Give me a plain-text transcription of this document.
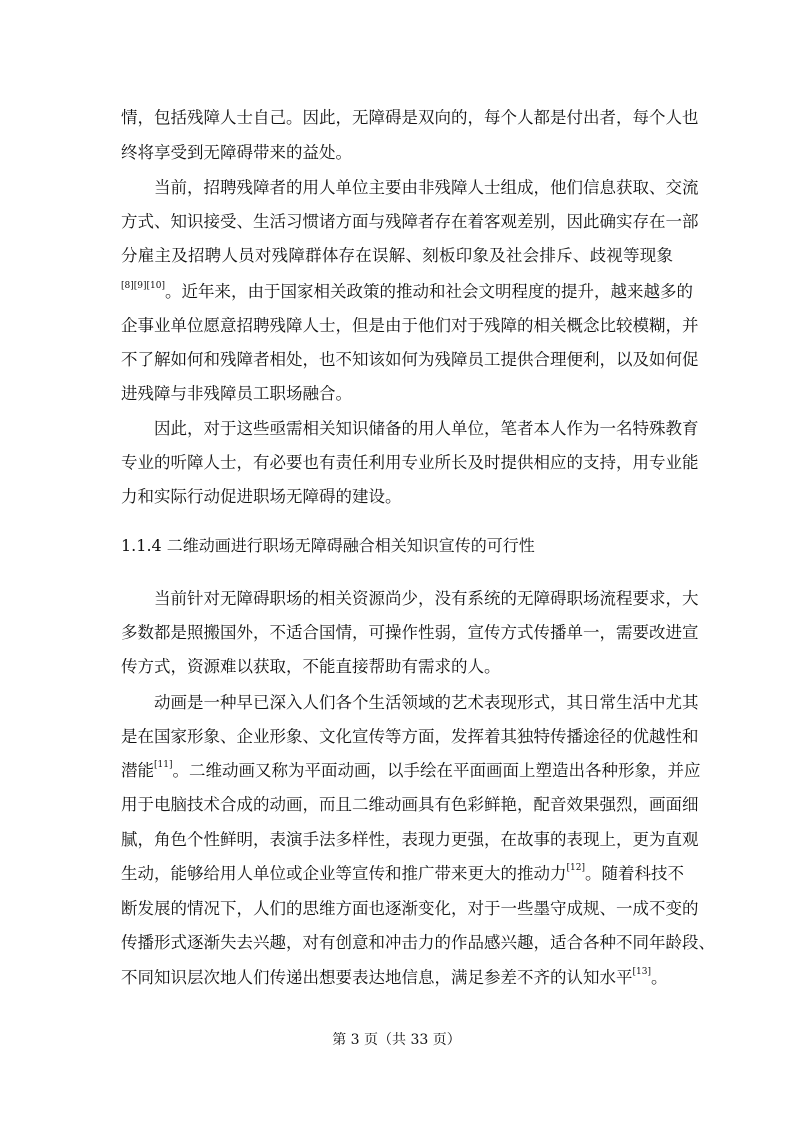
情，包括残障人士自己。因此，无障碍是双向的，每个人都是付出者，每个人也
终将享受到无障碍带来的益处。
当前，招聘残障者的用人单位主要由非残障人士组成，他们信息获取、交流
方式、知识接受、生活习惯诸方面与残障者存在着客观差别，因此确实存在一部
分雇主及招聘人员对残障群体存在误解、刻板印象及社会排斥、歧视等现象
[8][9][10]。近年来，由于国家相关政策的推动和社会文明程度的提升，越来越多的
企事业单位愿意招聘残障人士，但是由于他们对于残障的相关概念比较模糊，并
不了解如何和残障者相处，也不知该如何为残障员工提供合理便利，以及如何促
进残障与非残障员工职场融合。
因此，对于这些亟需相关知识储备的用人单位，笔者本人作为一名特殊教育
专业的听障人士，有必要也有责任利用专业所长及时提供相应的支持，用专业能
力和实际行动促进职场无障碍的建设。
1.1.4 二维动画进行职场无障碍融合相关知识宣传的可行性
当前针对无障碍职场的相关资源尚少，没有系统的无障碍职场流程要求，大
多数都是照搬国外，不适合国情，可操作性弱，宣传方式传播单一，需要改进宣
传方式，资源难以获取，不能直接帮助有需求的人。
动画是一种早已深入人们各个生活领域的艺术表现形式，其日常生活中尤其
是在国家形象、企业形象、文化宣传等方面，发挥着其独特传播途径的优越性和
潜能[11]。二维动画又称为平面动画，以手绘在平面画面上塑造出各种形象，并应
用于电脑技术合成的动画，而且二维动画具有色彩鲜艳，配音效果强烈，画面细
腻，角色个性鲜明，表演手法多样性，表现力更强，在故事的表现上，更为直观
生动，能够给用人单位或企业等宣传和推广带来更大的推动力[12]。随着科技不
断发展的情况下，人们的思维方面也逐渐变化，对于一些墨守成规、一成不变的
传播形式逐渐失去兴趣，对有创意和冲击力的作品感兴趣，适合各种不同年龄段、
不同知识层次地人们传递出想要表达地信息，满足参差不齐的认知水平[13]。
第 3 页（共 33 页）
